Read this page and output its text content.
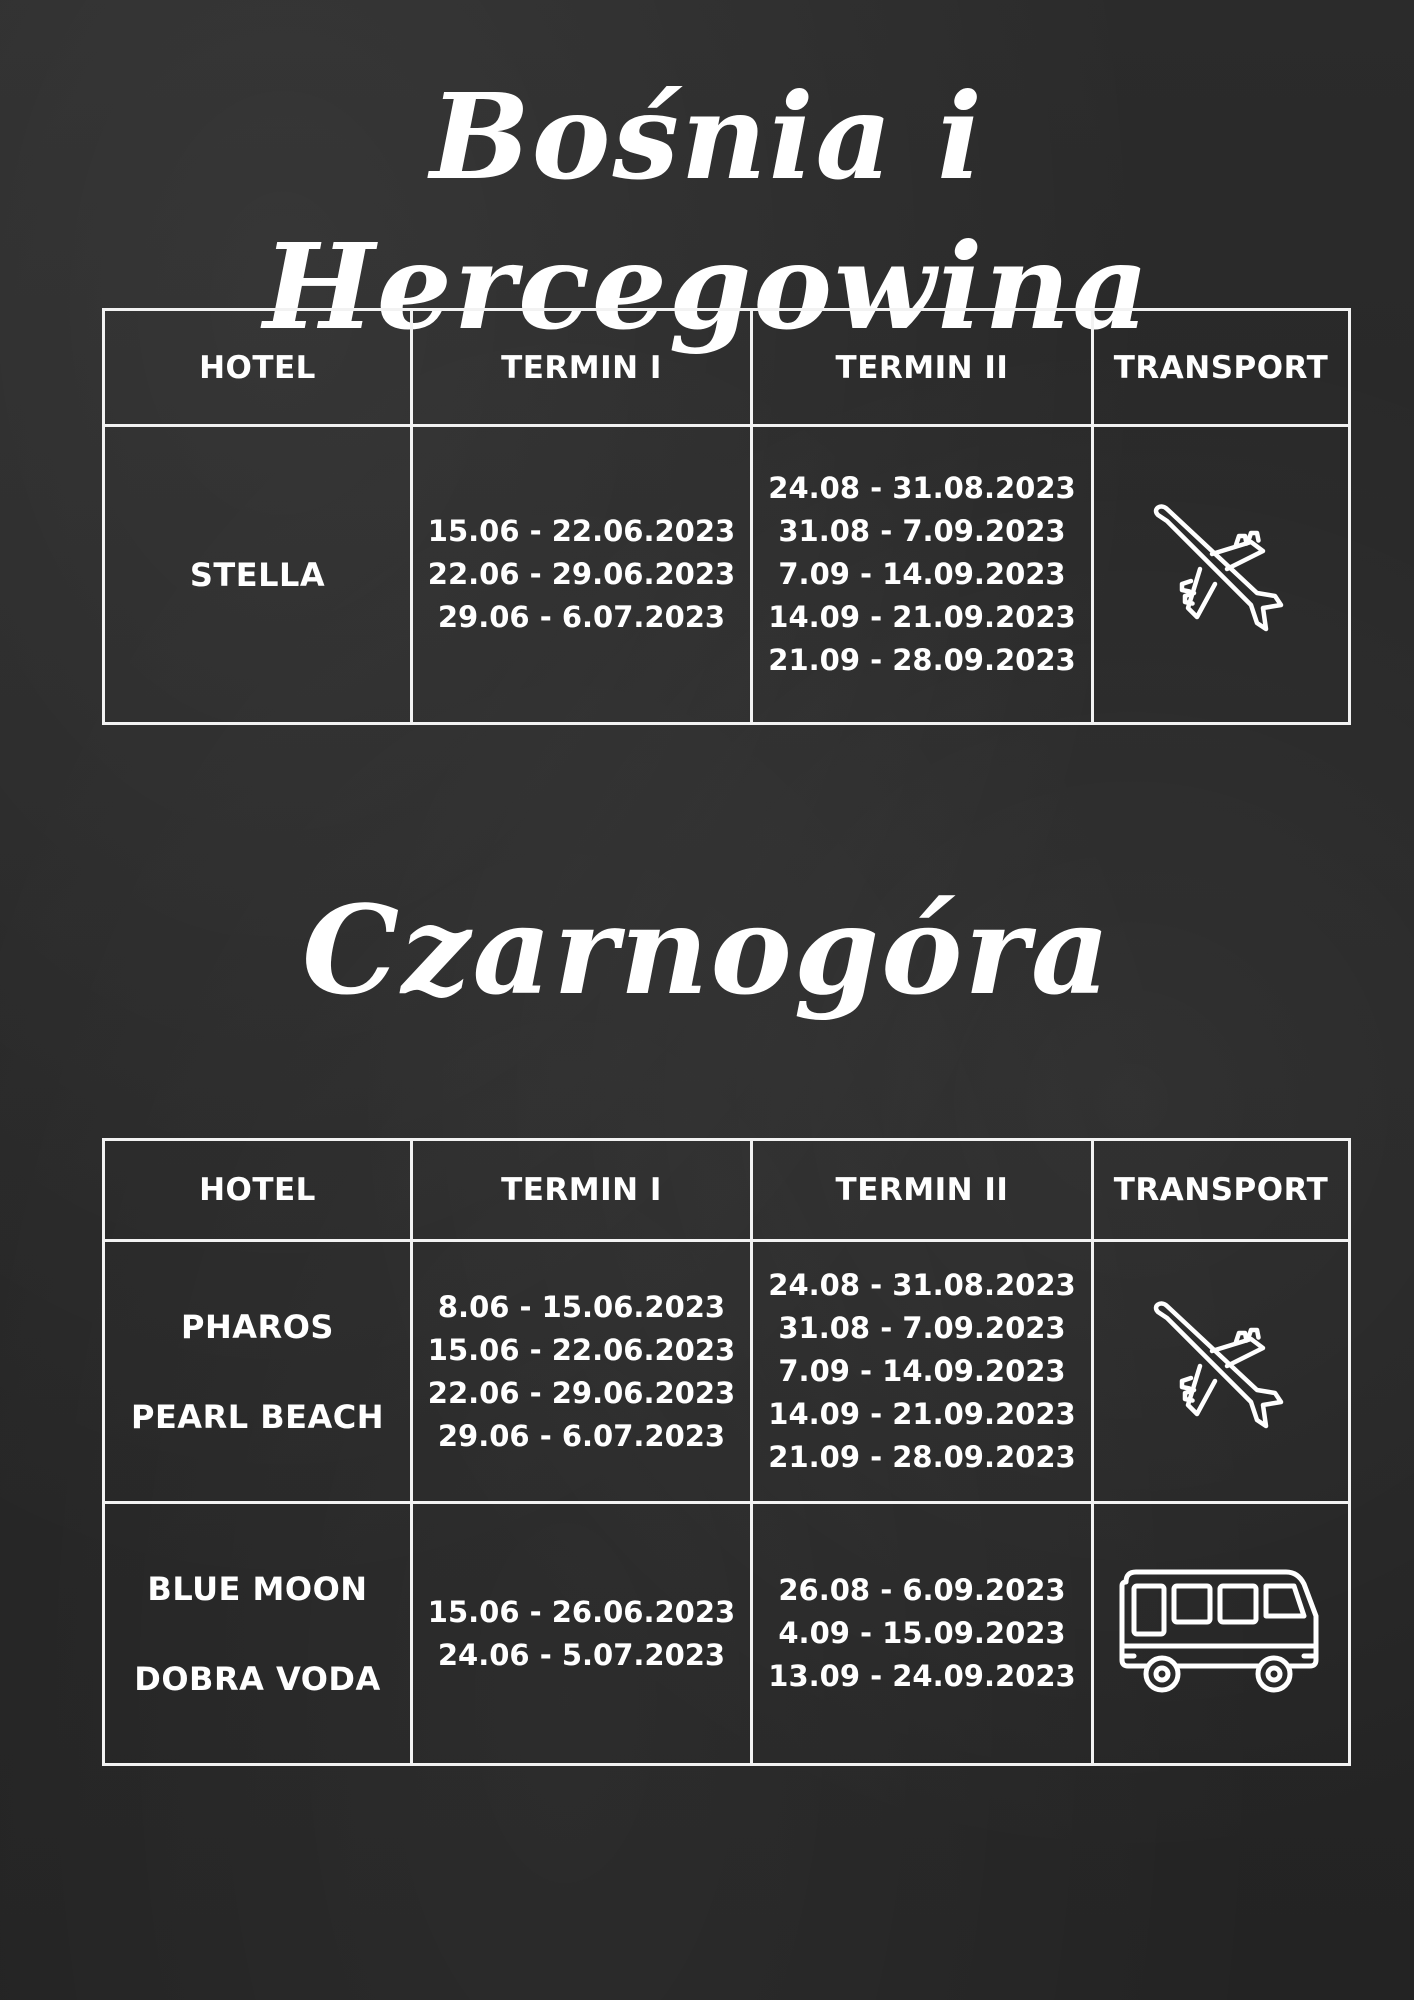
Bośnia i Hercegowina
HOTEL	TERMIN I	TERMIN II	TRANSPORT

STELLA	15.06 - 22.06.2023
22.06 - 29.06.2023
29.06 - 6.07.2023	24.08 - 31.08.2023
31.08 - 7.09.2023
7.09 - 14.09.2023
14.09 - 21.09.2023
21.09 - 28.09.2023

Czarnogóra
HOTEL	TERMIN I	TERMIN II	TRANSPORT

PHAROS
PEARL BEACH	8.06 - 15.06.2023
15.06 - 22.06.2023
22.06 - 29.06.2023
29.06 - 6.07.2023	24.08 - 31.08.2023
31.08 - 7.09.2023
7.09 - 14.09.2023
14.09 - 21.09.2023
21.09 - 28.09.2023

BLUE MOON
DOBRA VODA	15.06 - 26.06.2023
24.06 - 5.07.2023	26.08 - 6.09.2023
4.09 - 15.09.2023
13.09 - 24.09.2023
